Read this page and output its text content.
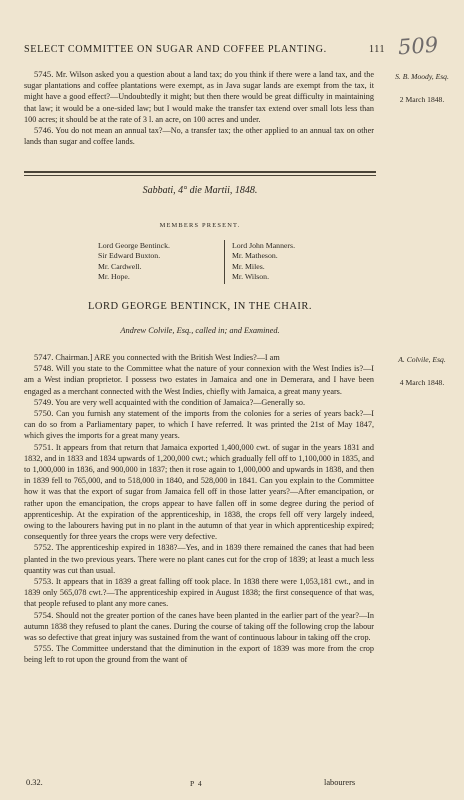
SELECT COMMITTEE ON SUGAR AND COFFEE PLANTING.	111 509
S. B. Moody, Esq.
2 March 1848.

5745. Mr. Wilson asked you a question about a land tax; do you think if there were a land tax, and the sugar plantations and coffee plantations were exempt, as in Java sugar lands are exempt from the tax, it might have a good effect?—Undoubtedly it might; but then there would be great difficulty in maintaining that law; it would be a one-sided law; but I would make the transfer tax extend over small lots less than 100 acres; it should be at the rate of 3 l. an acre, on 100 acres and under.

5746. You do not mean an annual tax?—No, a transfer tax; the other applied to an annual tax on other lands than sugar and coffee lands.

Sabbati, 4° die Martii, 1848.
MEMBERS PRESENT.
Lord George Bentinck.
Sir Edward Buxton.
Mr. Cardwell.
Mr. Hope.
Lord John Manners.
Mr. Matheson.
Mr. Miles.
Mr. Wilson.
LORD GEORGE BENTINCK, IN THE CHAIR.
Andrew Colvile, Esq., called in; and Examined.
A. Colvile, Esq.
4 March 1848.

5747. Chairman.] ARE you connected with the British West Indies?—I am

5748. Will you state to the Committee what the nature of your connexion with the West Indies is?—I am a West indian proprietor. I possess two estates in Jamaica and one in Demerara, and I have been engaged as a merchant connected with the West Indies, chiefly with Jamaica, a great many years.

5749. You are very well acquainted with the condition of Jamaica?—Generally so.

5750. Can you furnish any statement of the imports from the colonies for a series of years back?—I can do so from a Parliamentary paper, to which I have referred. It was printed the 21st of May 1847, which gives the imports for a great many years.

5751. It appears from that return that Jamaica exported 1,400,000 cwt. of sugar in the years 1831 and 1832, and in 1833 and 1834 upwards of 1,200,000 cwt.; which gradually fell off to 1,100,000 in 1835, and to 1,000,000 in 1836, and 900,000 in 1837; then it rose again to 1,000,000 and upwards in 1838, and then in 1839 fell to 765,000, and to 518,000 in 1840, and 528,000 in 1841. Can you explain to the Committee how it was that the export of sugar from Jamaica fell off in those latter years?—After emancipation, or rather upon the emancipation, the crops appear to have fallen off in some degree during the period of apprenticeship. At the expiration of the apprenticeship, in 1838, the crops fell off very largely indeed, owing to the labourers having put in no plant in the autumn of that year in which apprenticeship expired; consequently for three years the crops were very defective.

5752. The apprenticeship expired in 1838?—Yes, and in 1839 there remained the canes that had been planted in the two previous years. There were no plant canes cut for the crop of 1839; at least a much less quantity was cut than usual.

5753. It appears that in 1839 a great falling off took place. In 1838 there were 1,053,181 cwt., and in 1839 only 565,078 cwt.?—The apprenticeship expired in August 1838; the first consequence of that was, that people refused to plant any more canes.

5754. Should not the greater portion of the canes have been planted in the earlier part of the year?—In autumn 1838 they refused to plant the canes. During the course of taking off the following crop the labour was so defective that great injury was sustained from the want of continuous labour in taking off the crop.

5755. The Committee understand that the diminution in the export of 1839 was more from the crop being left to rot upon the ground from the want of

0.32.	P 4	labourers
